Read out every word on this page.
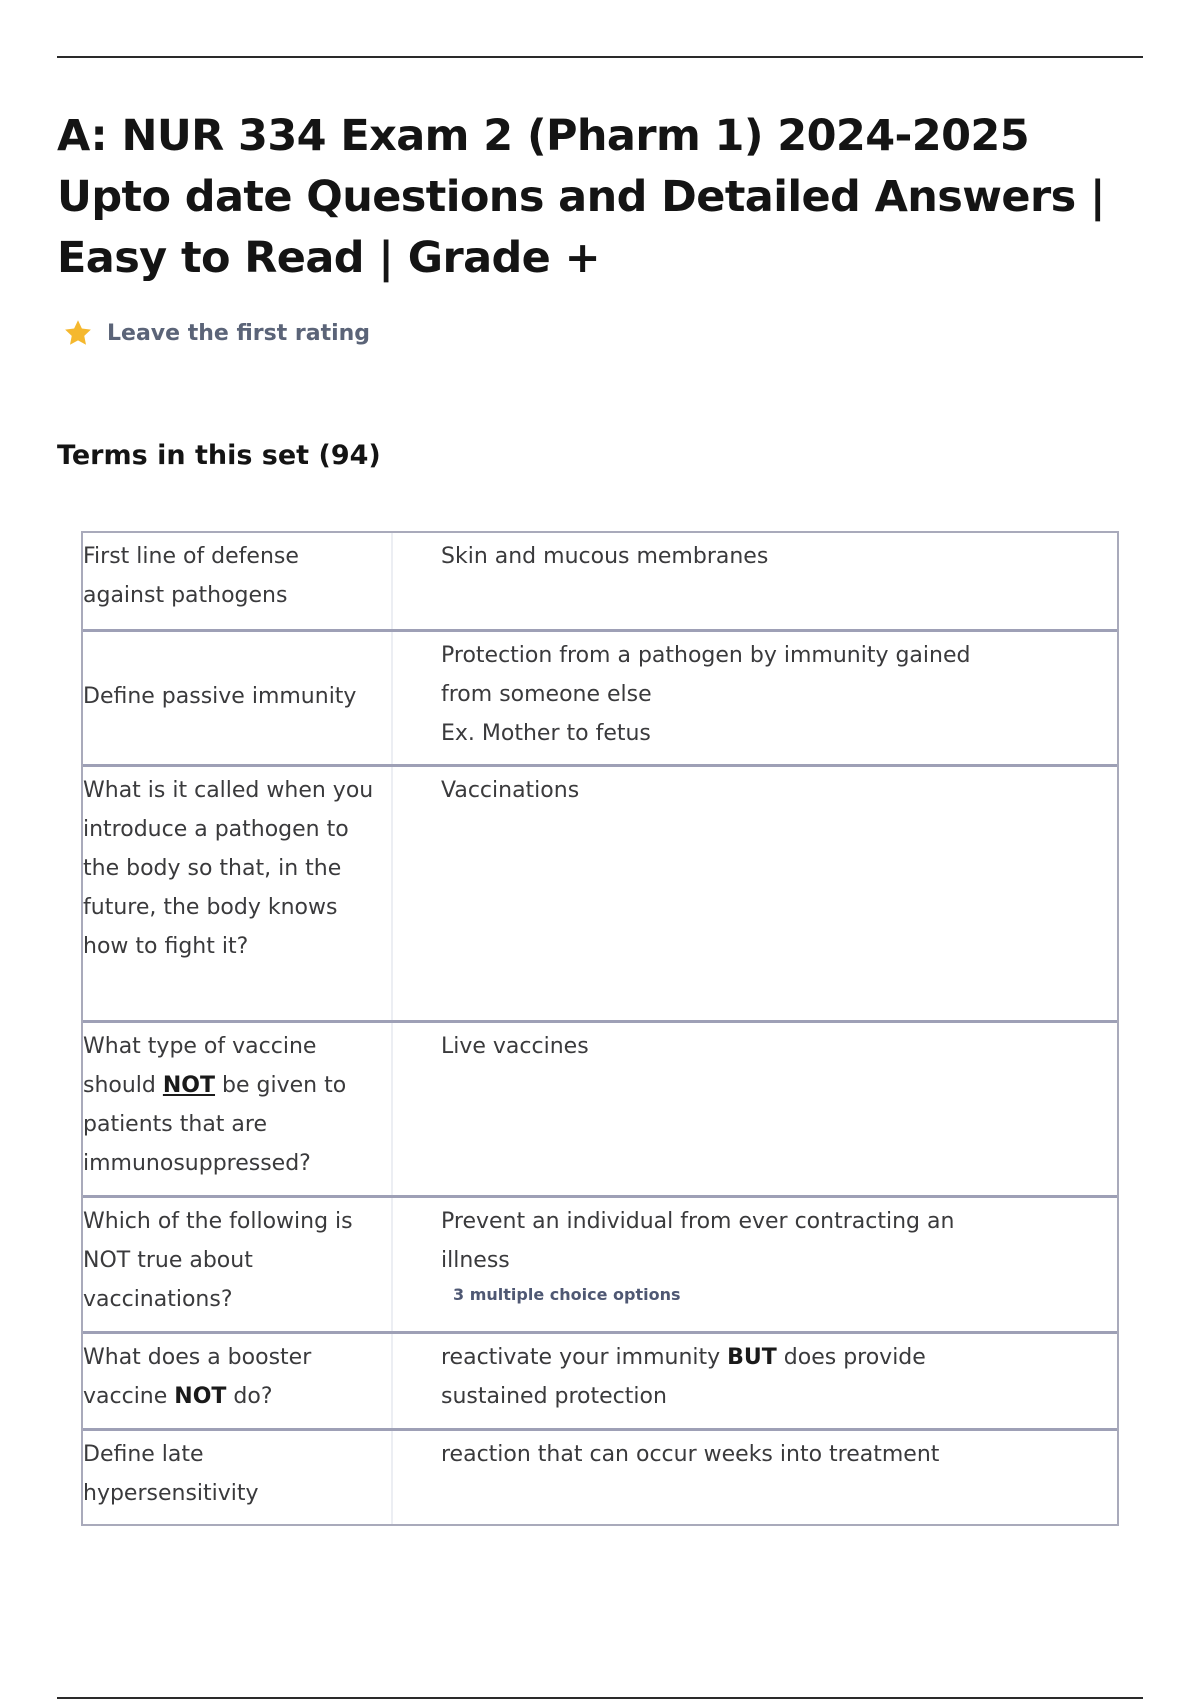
A: NUR 334 Exam 2 (Pharm 1) 2024-2025 Upto date Questions and Detailed Answers | Easy to Read | Grade +
Leave the first rating
Terms in this set (94)
First line of defense against pathogens
Skin and mucous membranes
Define passive immunity
Protection from a pathogen by immunity gained
from someone else
Ex. Mother to fetus
What is it called when you introduce a pathogen to the body so that, in the future, the body knows how to fight it?
Vaccinations
What type of vaccine should NOT be given to patients that are immunosuppressed?
Live vaccines
Which of the following is NOT true about vaccinations?
Prevent an individual from ever contracting an illness
3 multiple choice options
What does a booster vaccine NOT do?
reactivate your immunity BUT does provide sustained protection
Define late hypersensitivity
reaction that can occur weeks into treatment
